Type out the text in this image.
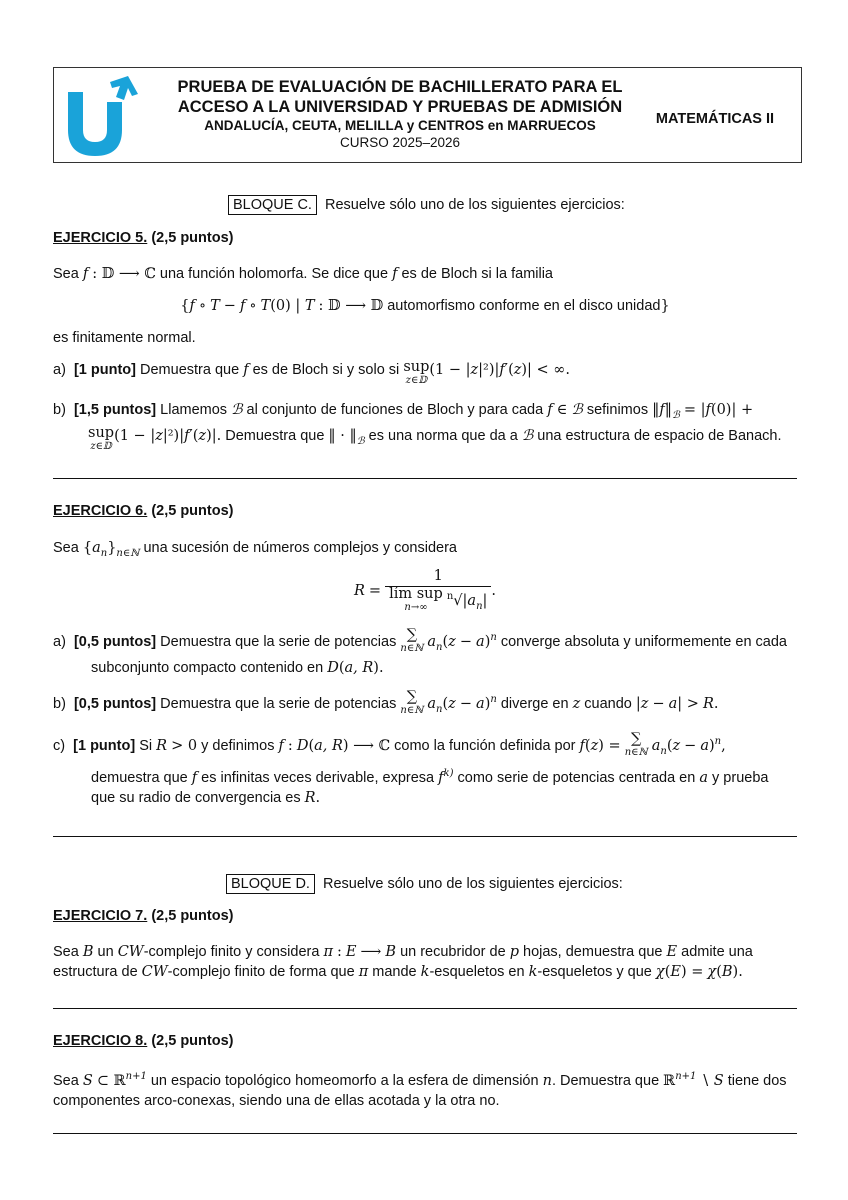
PRUEBA DE EVALUACIÓN DE BACHILLERATO PARA EL
ACCESO A LA UNIVERSIDAD Y PRUEBAS DE ADMISIÓN
ANDALUCÍA, CEUTA, MELILLA y CENTROS en MARRUECOS
CURSO 2025–2026
MATEMÁTICAS II
BLOQUE C. Resuelve sólo uno de los siguientes ejercicios:
EJERCICIO 5. (2,5 puntos)
Sea f : 𝔻 ⟶ ℂ una función holomorfa. Se dice que f es de Bloch si la familia
{f ∘ T − f ∘ T(0) | T : 𝔻 ⟶ 𝔻 automorfismo conforme en el disco unidad}
es finitamente normal.
a) [1 punto] Demuestra que f es de Bloch si y solo si sup
z∈𝔻
(1 − |z|²)|f′(z)| < ∞.
b) [1,5 puntos] Llamemos ℬ al conjunto de funciones de Bloch y para cada f ∈ ℬ sefinimos $‖f‖_ℬ = |f(0)|$ +
sup
z∈𝔻
(1 − |z|²)|f′(z)|. Demuestra que ‖ · $‖_ℬ$ es una norma que da a ℬ una estructura de espacio de Banach.
EJERCICIO 6. (2,5 puntos)
Sea $\{a_n\}_{n\in ℕ}$ una sucesión de números complejos y considera
R = 1
lím sup
n→∞
$^n√|a_n|$ .
a) [0,5 puntos] Demuestra que la serie de potencias ∑
n∈ℕ $a_n(z - a)^n$ converge absoluta y uniformemente en cada
subconjunto compacto contenido en D(a, R).
b) [0,5 puntos] Demuestra que la serie de potencias ∑
n∈ℕ $a_n(z - a)^n$ diverge en z cuando |z − a| > R.
c) [1 punto] Si R > 0 y definimos f : D(a, R) ⟶ ℂ como la función definida por f(z) = ∑
n∈ℕ $a_n(z - a)^n$,
demuestra que f es infinitas veces derivable, expresa $f^{k)}$ como serie de potencias centrada en a y prueba
que su radio de convergencia es R.
BLOQUE D. Resuelve sólo uno de los siguientes ejercicios:
EJERCICIO 7. (2,5 puntos)
Sea B un CW-complejo finito y considera π : E ⟶ B un recubridor de p hojas, demuestra que E admite una
estructura de CW-complejo finito de forma que π mande k-esqueletos en k-esqueletos y que χ(E) = χ(B).
EJERCICIO 8. (2,5 puntos)
Sea S ⊂ ℝ$^{n+1}$ un espacio topológico homeomorfo a la esfera de dimensión n. Demuestra que ℝ$^{n+1}$ ∖ S tiene dos
componentes arco-conexas, siendo una de ellas acotada y la otra no.
